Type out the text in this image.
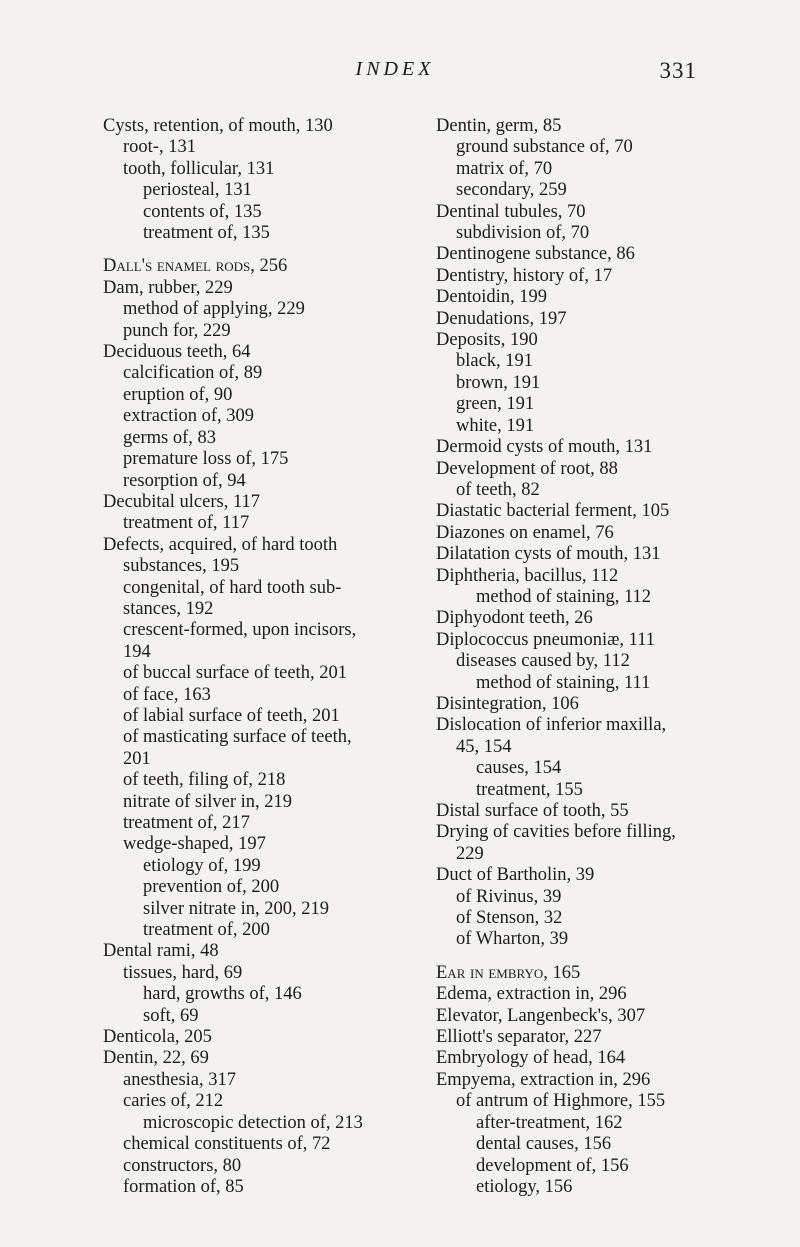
INDEX	331
Cysts, retention, of mouth, 130
root-, 131
tooth, follicular, 131
periosteal, 131
contents of, 135
treatment of, 135
Dall's enamel rods, 256
Dam, rubber, 229
method of applying, 229
punch for, 229
Deciduous teeth, 64
calcification of, 89
eruption of, 90
extraction of, 309
germs of, 83
premature loss of, 175
resorption of, 94
Decubital ulcers, 117
treatment of, 117
Defects, acquired, of hard tooth
substances, 195
congenital, of hard tooth sub-
stances, 192
crescent-formed, upon incisors,
194
of buccal surface of teeth, 201
of face, 163
of labial surface of teeth, 201
of masticating surface of teeth,
201
of teeth, filing of, 218
nitrate of silver in, 219
treatment of, 217
wedge-shaped, 197
etiology of, 199
prevention of, 200
silver nitrate in, 200, 219
treatment of, 200
Dental rami, 48
tissues, hard, 69
hard, growths of, 146
soft, 69
Denticola, 205
Dentin, 22, 69
anesthesia, 317
caries of, 212
microscopic detection of, 213
chemical constituents of, 72
constructors, 80
formation of, 85
Dentin, germ, 85
ground substance of, 70
matrix of, 70
secondary, 259
Dentinal tubules, 70
subdivision of, 70
Dentinogene substance, 86
Dentistry, history of, 17
Dentoidin, 199
Denudations, 197
Deposits, 190
black, 191
brown, 191
green, 191
white, 191
Dermoid cysts of mouth, 131
Development of root, 88
of teeth, 82
Diastatic bacterial ferment, 105
Diazones on enamel, 76
Dilatation cysts of mouth, 131
Diphtheria, bacillus, 112
method of staining, 112
Diphyodont teeth, 26
Diplococcus pneumoniæ, 111
diseases caused by, 112
method of staining, 111
Disintegration, 106
Dislocation of inferior maxilla,
45, 154
causes, 154
treatment, 155
Distal surface of tooth, 55
Drying of cavities before filling,
229
Duct of Bartholin, 39
of Rivinus, 39
of Stenson, 32
of Wharton, 39
Ear in embryo, 165
Edema, extraction in, 296
Elevator, Langenbeck's, 307
Elliott's separator, 227
Embryology of head, 164
Empyema, extraction in, 296
of antrum of Highmore, 155
after-treatment, 162
dental causes, 156
development of, 156
etiology, 156
